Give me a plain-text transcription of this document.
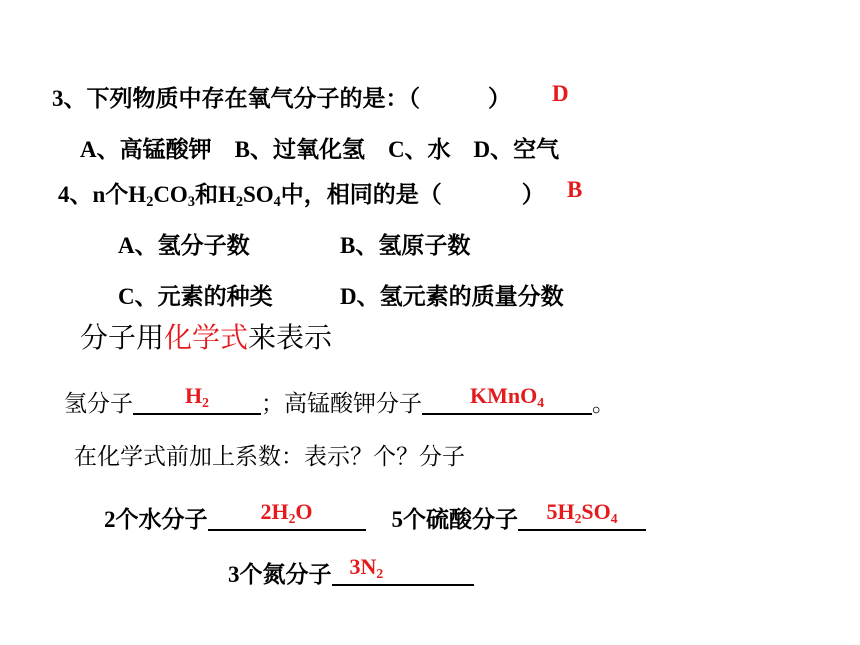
3、下列物质中存在氧气分子的是：（	） D
A、高锰酸钾　B、过氧化氢　C、水　D、空气
4、n个$H_2CO_3$和$H_2SO_4$中，相同的是（	） B
A、氢分子数	B、氢原子数
C、元素的种类	D、氢元素的质量分数
分子用化学式来表示
氢分子	$H_2$	；高锰酸钾分子	KMnO$_4$	。
在化学式前加上系数：表示？个？分子
2个水分子	$2H_2O$	5个硫酸分子	$5H_2SO_4$
3个氮分子 $3N_2$
